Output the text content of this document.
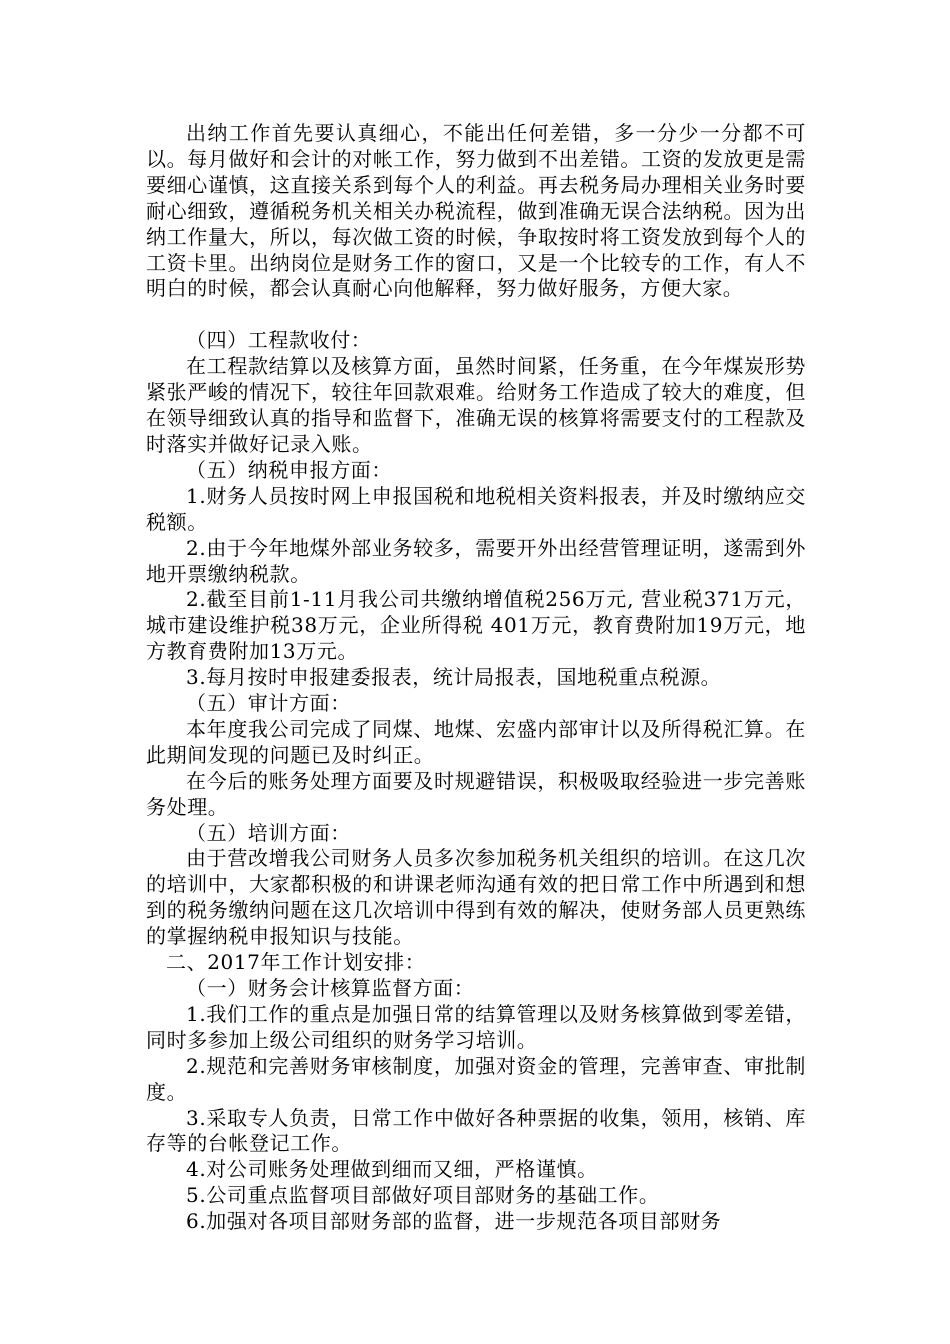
出纳工作首先要认真细心，不能出任何差错，多一分少一分都不可以。每月做好和会计的对帐工作，努力做到不出差错。工资的发放更是需要细心谨慎，这直接关系到每个人的利益。再去税务局办理相关业务时要耐心细致，遵循税务机关相关办税流程，做到准确无误合法纳税。因为出纳工作量大，所以，每次做工资的时候，争取按时将工资发放到每个人的工资卡里。出纳岗位是财务工作的窗口，又是一个比较专的工作，有人不明白的时候，都会认真耐心向他解释，努力做好服务，方便大家。

（四）工程款收付：

在工程款结算以及核算方面，虽然时间紧，任务重，在今年煤炭形势紧张严峻的情况下，较往年回款艰难。给财务工作造成了较大的难度，但在领导细致认真的指导和监督下，准确无误的核算将需要支付的工程款及时落实并做好记录入账。

（五）纳税申报方面：

1.财务人员按时网上申报国税和地税相关资料报表，并及时缴纳应交税额。

2.由于今年地煤外部业务较多，需要开外出经营管理证明，遂需到外地开票缴纳税款。

2.截至目前1-11月我公司共缴纳增值税256万元, 营业税371万元，城市建设维护税38万元，企业所得税 401万元，教育费附加19万元，地方教育费附加13万元。

3.每月按时申报建委报表，统计局报表，国地税重点税源。

（五）审计方面：

本年度我公司完成了同煤、地煤、宏盛内部审计以及所得税汇算。在此期间发现的问题已及时纠正。

在今后的账务处理方面要及时规避错误，积极吸取经验进一步完善账务处理。

（五）培训方面：

由于营改增我公司财务人员多次参加税务机关组织的培训。在这几次的培训中，大家都积极的和讲课老师沟通有效的把日常工作中所遇到和想到的税务缴纳问题在这几次培训中得到有效的解决，使财务部人员更熟练的掌握纳税申报知识与技能。

二、2017年工作计划安排：

（一）财务会计核算监督方面：

1.我们工作的重点是加强日常的结算管理以及财务核算做到零差错，同时多参加上级公司组织的财务学习培训。

2.规范和完善财务审核制度，加强对资金的管理，完善审查、审批制度。

3.采取专人负责，日常工作中做好各种票据的收集，领用，核销、库存等的台帐登记工作。

4.对公司账务处理做到细而又细，严格谨慎。

5.公司重点监督项目部做好项目部财务的基础工作。

6.加强对各项目部财务部的监督，进一步规范各项目部财务
